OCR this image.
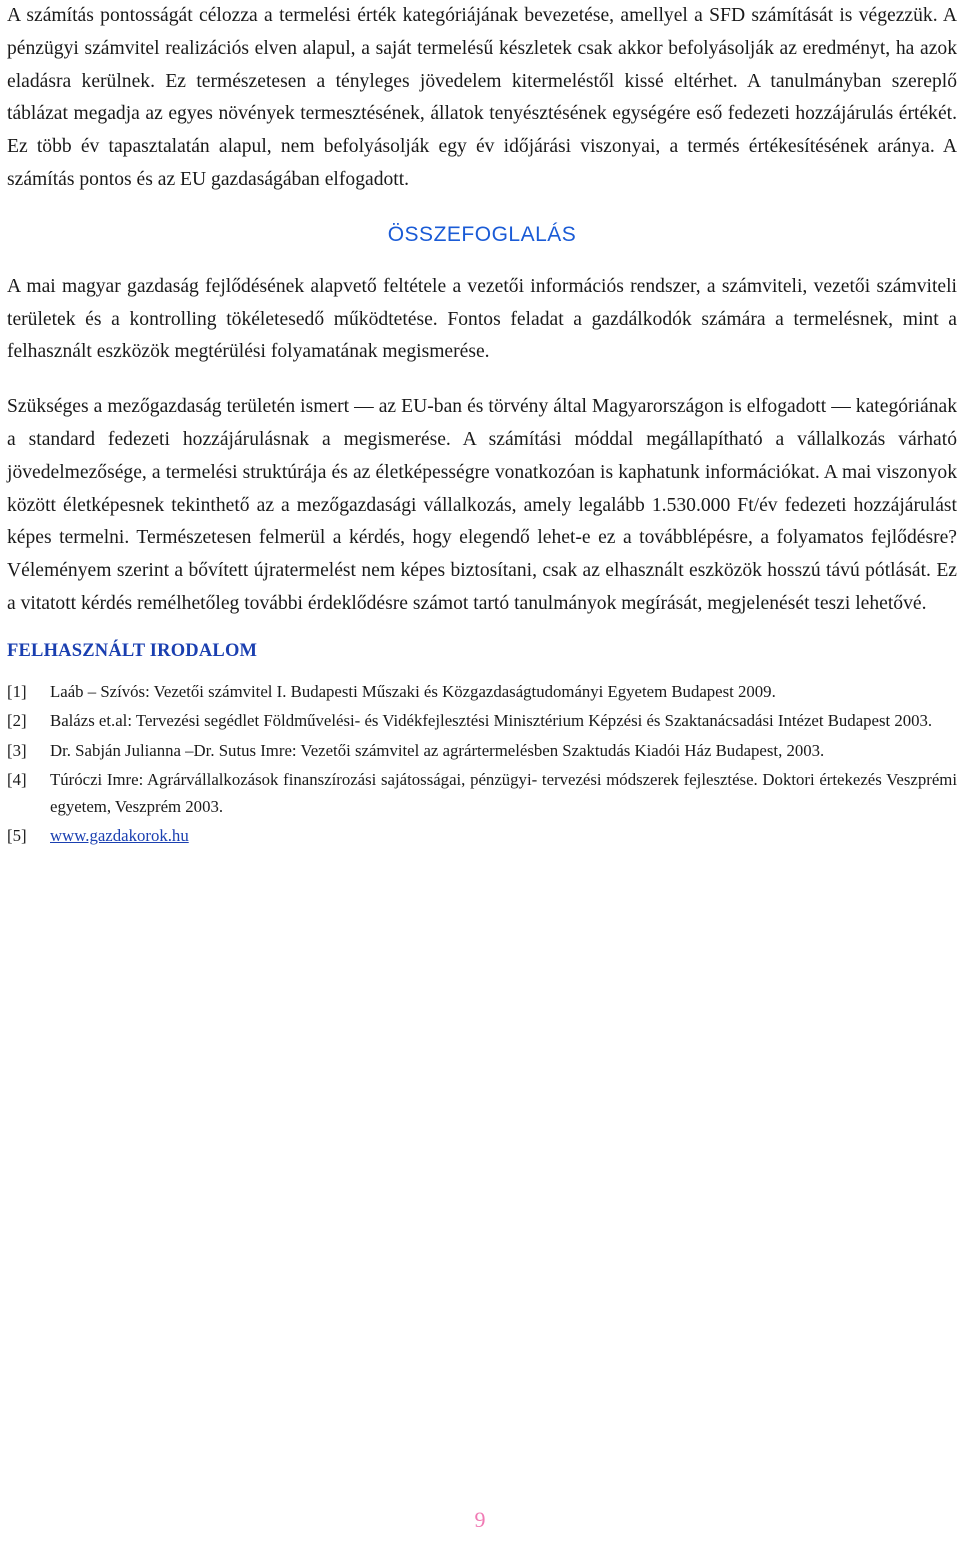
A számítás pontosságát célozza a termelési érték kategóriájának bevezetése, amellyel a SFD számítását is végezzük. A pénzügyi számvitel realizációs elven alapul, a saját termelésű készletek csak akkor befolyásolják az eredményt, ha azok eladásra kerülnek. Ez természetesen a tényleges jövedelem kitermeléstől kissé eltérhet. A tanulmányban szereplő táblázat megadja az egyes növények termesztésének, állatok tenyésztésének egységére eső fedezeti hozzájárulás értékét. Ez több év tapasztalatán alapul, nem befolyásolják egy év időjárási viszonyai, a termés értékesítésének aránya. A számítás pontos és az EU gazdaságában elfogadott.

ÖSSZEFOGLALÁS

A mai magyar gazdaság fejlődésének alapvető feltétele a vezetői információs rendszer, a számviteli, vezetői számviteli területek és a kontrolling tökéletesedő működtetése. Fontos feladat a gazdálkodók számára a termelésnek, mint a felhasznált eszközök megtérülési folyamatának megismerése.

Szükséges a mezőgazdaság területén ismert — az EU-ban és törvény által Magyarországon is elfogadott — kategóriának a standard fedezeti hozzájárulásnak a megismerése. A számítási móddal megállapítható a vállalkozás várható jövedelmezősége, a termelési struktúrája és az életképességre vonatkozóan is kaphatunk információkat. A mai viszonyok között életképesnek tekinthető az a mezőgazdasági vállalkozás, amely legalább 1.530.000 Ft/év fedezeti hozzájárulást képes termelni. Természetesen felmerül a kérdés, hogy elegendő lehet-e ez a továbblépésre, a folyamatos fejlődésre? Véleményem szerint a bővített újratermelést nem képes biztosítani, csak az elhasznált eszközök hosszú távú pótlását. Ez a vitatott kérdés remélhetőleg további érdeklődésre számot tartó tanulmányok megírását, megjelenését teszi lehetővé.

FELHASZNÁLT IRODALOM
[1]	Laáb – Szívós: Vezetői számvitel I. Budapesti Műszaki és Közgazdaságtudományi Egyetem Budapest 2009.
[2]	Balázs et.al: Tervezési segédlet Földművelési- és Vidékfejlesztési Minisztérium Képzési és Szaktanácsadási Intézet Budapest 2003.
[3]	Dr. Sabján Julianna –Dr. Sutus Imre: Vezetői számvitel az agrártermelésben Szaktudás Kiadói Ház Budapest, 2003.
[4]	Túróczi Imre: Agrárvállalkozások finanszírozási sajátosságai, pénzügyi- tervezési módszerek fejlesztése. Doktori értekezés Veszprémi egyetem, Veszprém 2003.
[5]	www.gazdakorok.hu
9
